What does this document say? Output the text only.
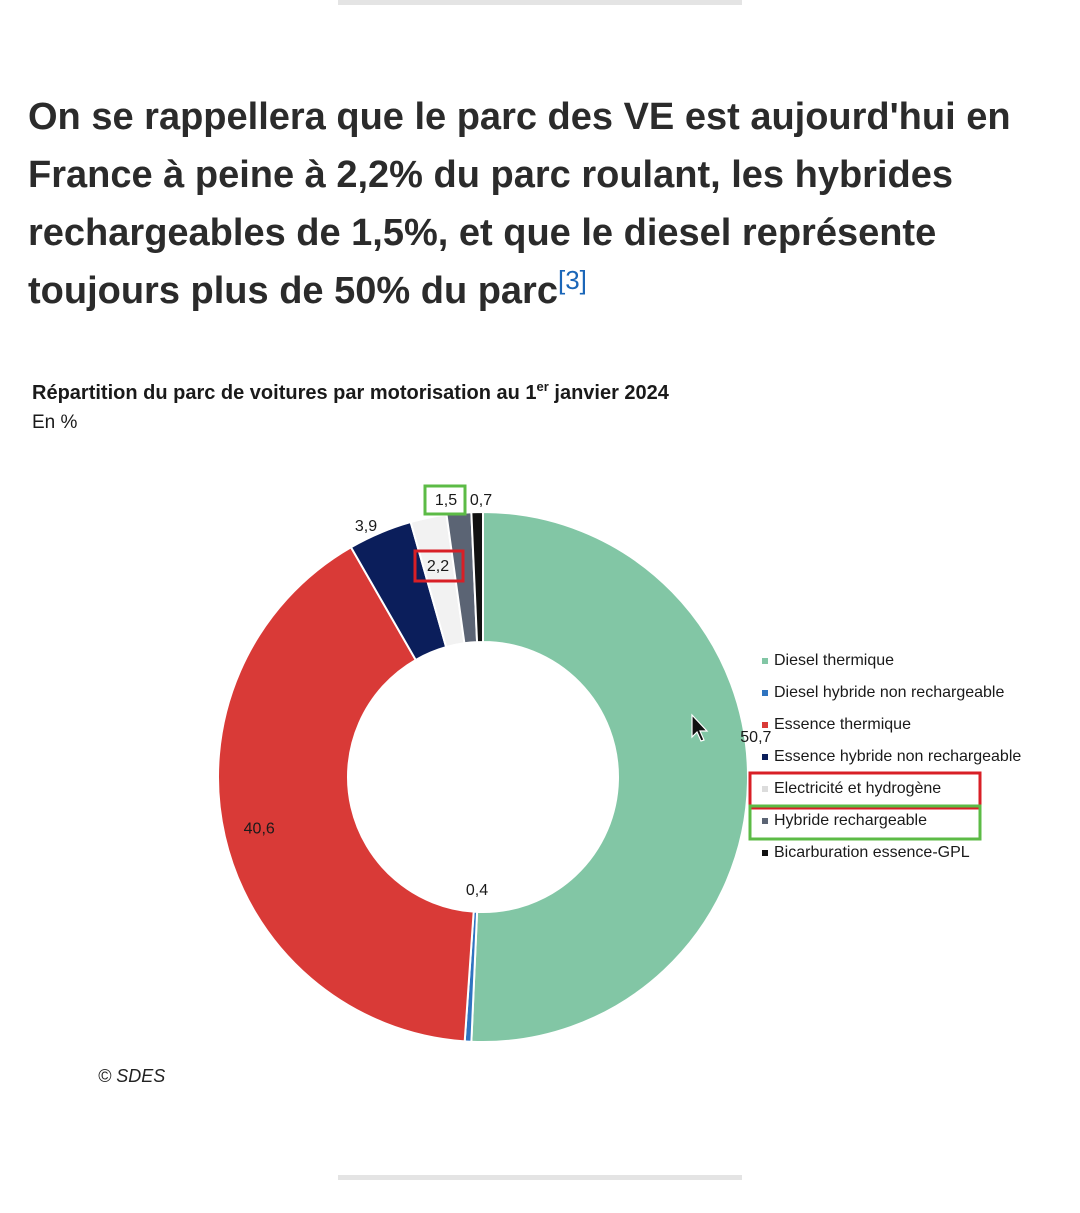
On se rappellera que le parc des VE est aujourd'hui en France à peine à 2,2% du parc roulant, les hybrides rechargeables de 1,5%, et que le diesel représente toujours plus de 50% du parc[3]
Répartition du parc de voitures par motorisation au 1er janvier 2024
En %
50,7
40,6
0,4
3,9
2,2
1,5 0,7
Diesel thermique
Diesel hybride non rechargeable
Essence thermique
Essence hybride non rechargeable
Electricité et hydrogène
Hybride rechargeable
Bicarburation essence-GPL
© SDES
